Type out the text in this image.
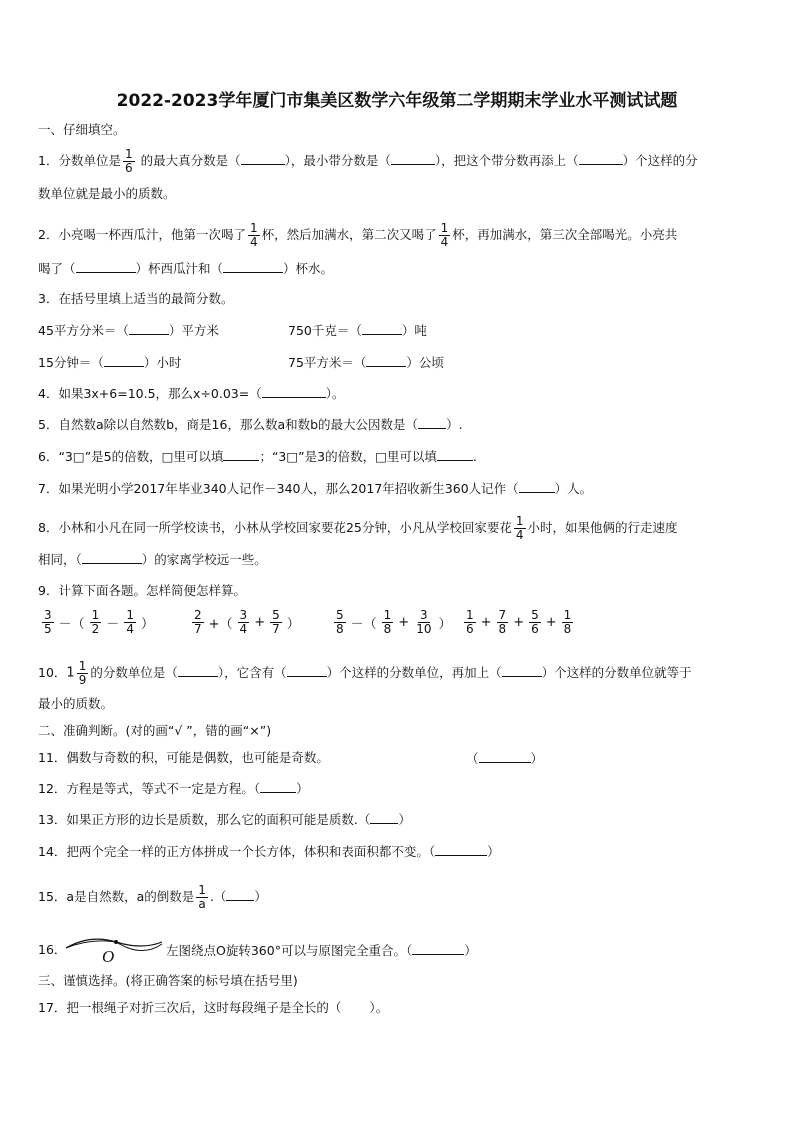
2022-2023学年厦门市集美区数学六年级第二学期期末学业水平测试试题
一、仔细填空。
1．分数单位是 $\frac{1}{6}$ 的最大真分数是（	），最小带分数是（	），把这个带分数再添上（	）个这样的分
数单位就是最小的质数。
2．小亮喝一杯西瓜汁，他第一次喝了 $\frac{1}{4}$ 杯，然后加满水，第二次又喝了 $\frac{1}{4}$ 杯，再加满水，第三次全部喝光。小亮共
喝了（	）杯西瓜汁和（	）杯水。
3．在括号里填上适当的最简分数。
45平方分米＝（	）平方米	750千克＝（	）吨
15分钟＝（	）小时	75平方米＝（	）公顷
4．如果3x+6=10.5，那么x÷0.03=（	）。
5．自然数a除以自然数b，商是16，那么数a和数b的最大公因数是（ ）.
6．“3□”是5的倍数，□里可以填	；“3□”是3的倍数，□里可以填	.
7．如果光明小学2017年毕业340人记作－340人，那么2017年招收新生360人记作（	）人。
8．小林和小凡在同一所学校读书，小林从学校回家要花25分钟，小凡从学校回家要花 $\frac{1}{4}$ 小时，如果他俩的行走速度
相同，（	）的家离学校远一些。
9．计算下面各题。怎样简便怎样算。
$\frac{3}{5}$ －（ $\frac{1}{2} - \frac{1}{4}$ ）	$\frac{2}{7}$ +（ $\frac{3}{4} + \frac{5}{7}$ ）	$\frac{5}{8}$ －（ $\frac{1}{8} + \frac{3}{10}$ ） $\frac{1}{6} + \frac{7}{8} + \frac{5}{6} + \frac{1}{8}$
10．$1 \frac{1}{9}$ 的分数单位是（	），它含有（	）个这样的分数单位，再加上（	）个这样的分数单位就等于
最小的质数。
二、准确判断。(对的画“√ ”，错的画“×”)
11．偶数与奇数的积，可能是偶数，也可能是奇数。	（	）
12．方程是等式，等式不一定是方程。（	）
13．如果正方形的边长是质数，那么它的面积可能是质数.（ ）
14．把两个完全一样的正方体拼成一个长方体，体积和表面积都不变。（	）
15．a是自然数，a的倒数是 $\frac{1}{a}$ .（ ）
16． O	左图绕点O旋转360°可以与原图完全重合。（	）
三、谨慎选择。(将正确答案的标号填在括号里)
17．把一根绳子对折三次后，这时每段绳子是全长的（ ）。
